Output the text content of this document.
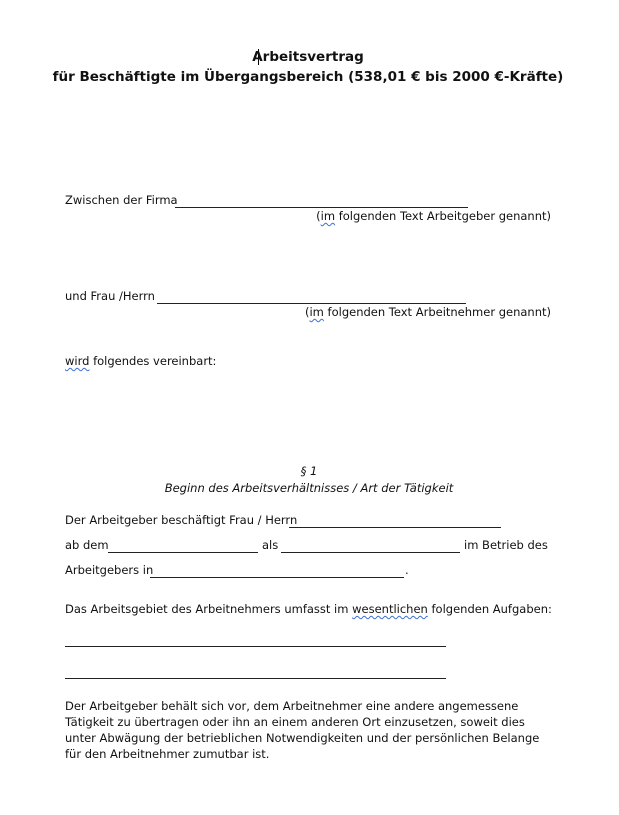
Arbeitsvertrag
für Beschäftigte im Übergangsbereich (538,01 € bis 2000 €-Kräfte)
Zwischen der Firma
(im folgenden Text Arbeitgeber genannt)
und Frau /Herrn
(im folgenden Text Arbeitnehmer genannt)
wird folgendes vereinbart:
§ 1
Beginn des Arbeitsverhältnisses / Art der Tätigkeit
Der Arbeitgeber beschäftigt Frau / Herrn
ab dem	als	im Betrieb des
Arbeitgebers in	.
Das Arbeitsgebiet des Arbeitnehmers umfasst im wesentlichen folgenden Aufgaben:
Der Arbeitgeber behält sich vor, dem Arbeitnehmer eine andere angemessene Tätigkeit zu übertragen oder ihn an einem anderen Ort einzusetzen, soweit dies unter Abwägung der betrieblichen Notwendigkeiten und der persönlichen Belange für den Arbeitnehmer zumutbar ist.
